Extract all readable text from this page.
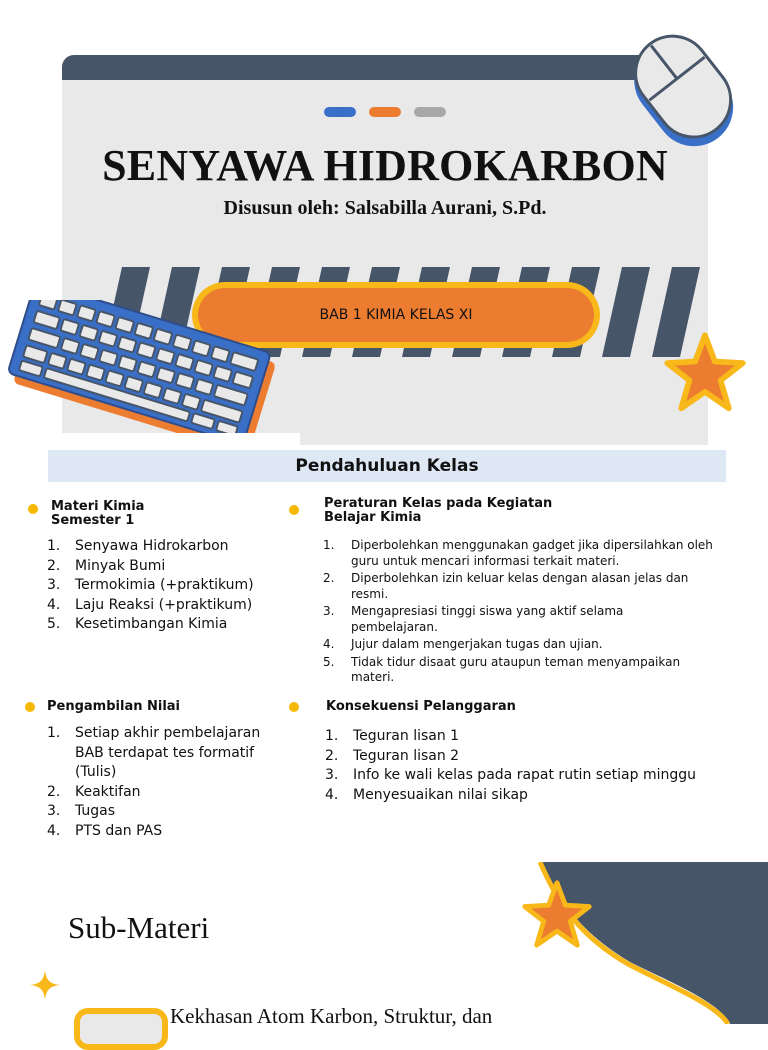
SENYAWA HIDROKARBON
Disusun oleh: Salsabilla Aurani, S.Pd.
BAB 1 KIMIA KELAS XI
Pendahuluan Kelas
Materi Kimia
Semester 1
1.	Senyawa Hidrokarbon
2.	Minyak Bumi
3.	Termokimia (+praktikum)
4.	Laju Reaksi (+praktikum)
5.	Kesetimbangan Kimia
Peraturan Kelas pada Kegiatan
Belajar Kimia
1.	Diperbolehkan menggunakan gadget jika dipersilahkan oleh guru untuk mencari informasi terkait materi.
2.	Diperbolehkan izin keluar kelas dengan alasan jelas dan resmi.
3.	Mengapresiasi tinggi siswa yang aktif selama pembelajaran.
4.	Jujur dalam mengerjakan tugas dan ujian.
5.	Tidak tidur disaat guru ataupun teman menyampaikan materi.
Pengambilan Nilai
1.	Setiap akhir pembelajaran BAB terdapat tes formatif (Tulis)
2.	Keaktifan
3.	Tugas
4.	PTS dan PAS
Konsekuensi Pelanggaran
1.	Teguran lisan 1
2.	Teguran lisan 2
3.	Info ke wali kelas pada rapat rutin setiap minggu
4.	Menyesuaikan nilai sikap
Sub-Materi
Kekhasan Atom Karbon, Struktur, dan
